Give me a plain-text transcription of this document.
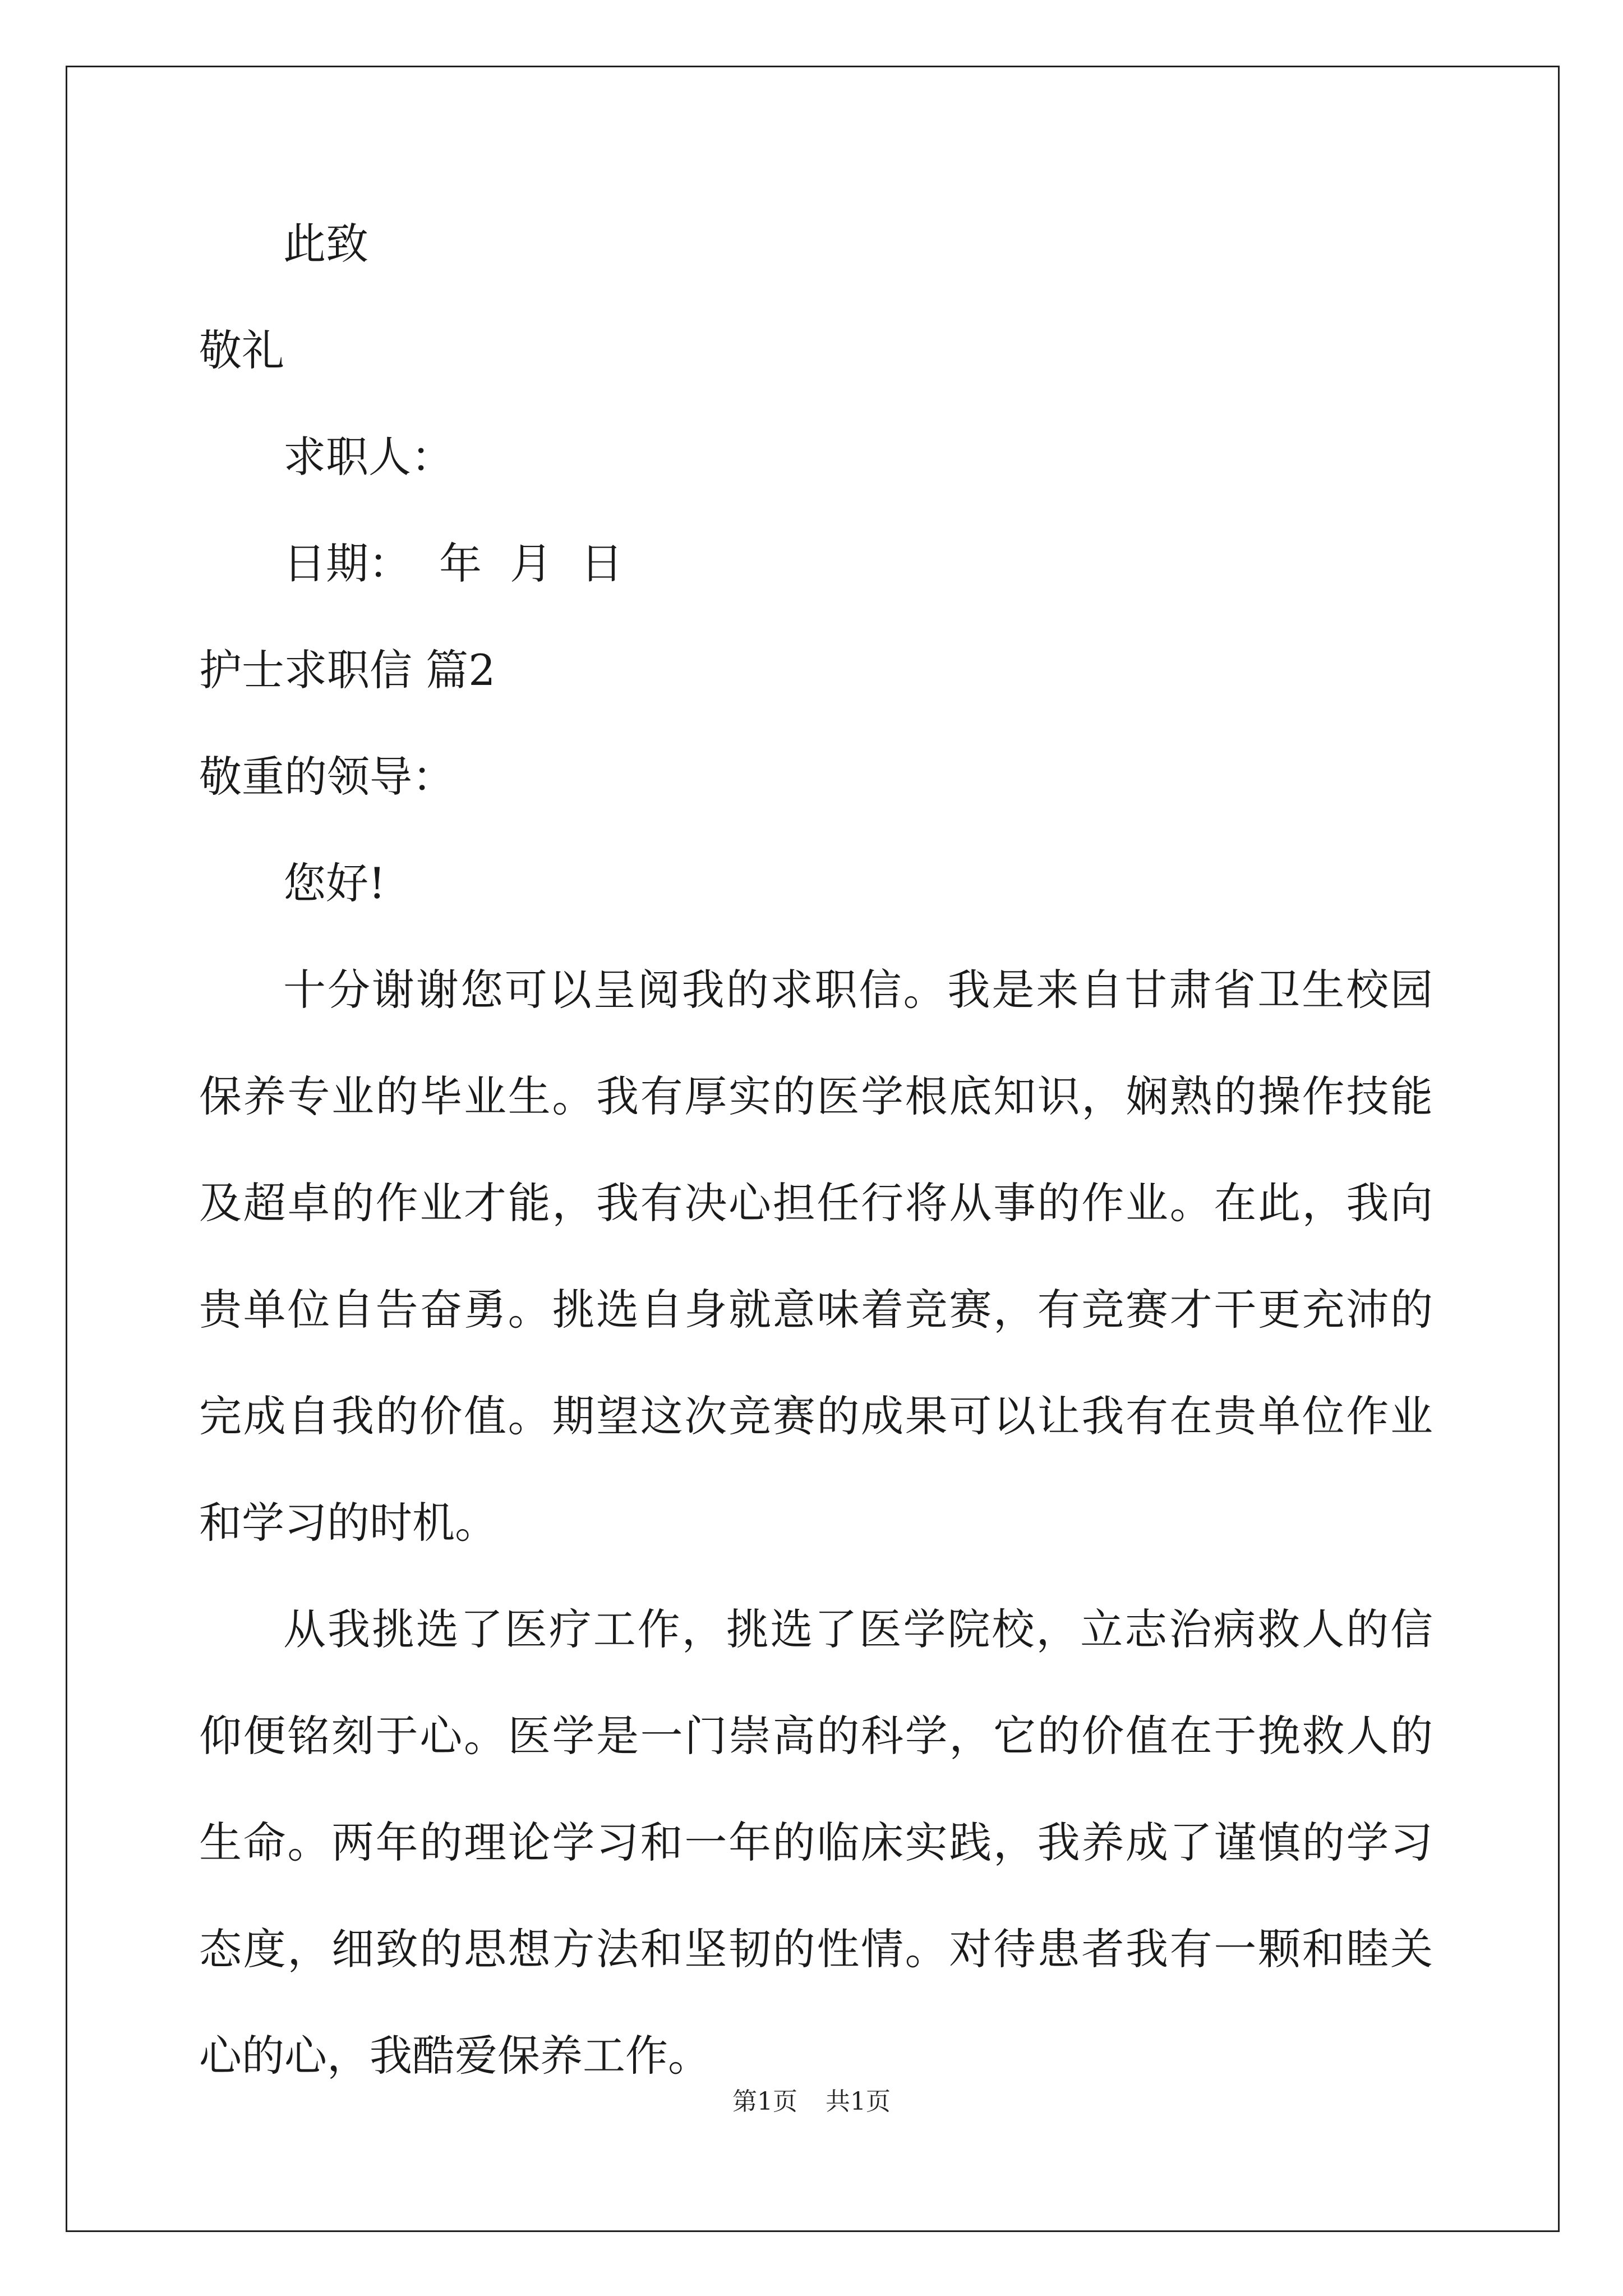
此致

敬礼

求职人：

日期： 年 月 日

护士求职信 篇2

敬重的领导：

您好!

十分谢谢您可以呈阅我的求职信。我是来自甘肃省卫生校园保养专业的毕业生。我有厚实的医学根底知识，娴熟的操作技能及超卓的作业才能，我有决心担任行将从事的作业。在此，我向贵单位自告奋勇。挑选自身就意味着竞赛，有竞赛才干更充沛的完成自我的价值。期望这次竞赛的成果可以让我有在贵单位作业和学习的时机。

从我挑选了医疗工作，挑选了医学院校，立志治病救人的信仰便铭刻于心。医学是一门崇高的科学，它的价值在于挽救人的生命。两年的理论学习和一年的临床实践，我养成了谨慎的学习态度，细致的思想方法和坚韧的性情。对待患者我有一颗和睦关心的心，我酷爱保养工作。

第1页 共1页
